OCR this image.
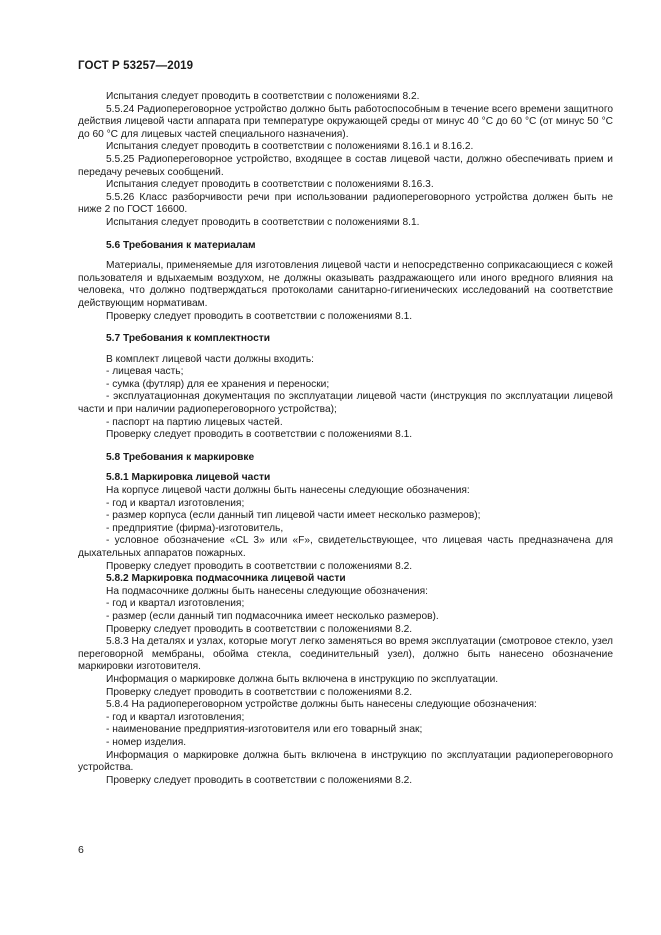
ГОСТ Р 53257—2019

Испытания следует проводить в соответствии с положениями 8.2.

5.5.24 Радиопереговорное устройство должно быть работоспособным в течение всего времени защитного действия лицевой части аппарата при температуре окружающей среды от минус 40 °С до 60 °С (от минус 50 °С до 60 °С для лицевых частей специального назначения).

Испытания следует проводить в соответствии с положениями 8.16.1 и 8.16.2.

5.5.25 Радиопереговорное устройство, входящее в состав лицевой части, должно обеспечивать прием и передачу речевых сообщений.

Испытания следует проводить в соответствии с положениями 8.16.3.

5.5.26 Класс разборчивости речи при использовании радиопереговорного устройства должен быть не ниже 2 по ГОСТ 16600.

Испытания следует проводить в соответствии с положениями 8.1.

5.6 Требования к материалам

Материалы, применяемые для изготовления лицевой части и непосредственно соприкасающиеся с кожей пользователя и вдыхаемым воздухом, не должны оказывать раздражающего или иного вредного влияния на человека, что должно подтверждаться протоколами санитарно-гигиенических исследований на соответствие действующим нормативам.

Проверку следует проводить в соответствии с положениями 8.1.

5.7 Требования к комплектности

В комплект лицевой части должны входить:

- лицевая часть;

- сумка (футляр) для ее хранения и переноски;

- эксплуатационная документация по эксплуатации лицевой части (инструкция по эксплуатации лицевой части и при наличии радиопереговорного устройства);

- паспорт на партию лицевых частей.

Проверку следует проводить в соответствии с положениями 8.1.

5.8 Требования к маркировке

5.8.1 Маркировка лицевой части

На корпусе лицевой части должны быть нанесены следующие обозначения:

- год и квартал изготовления;

- размер корпуса (если данный тип лицевой части имеет несколько размеров);

- предприятие (фирма)-изготовитель,

- условное обозначение «CL 3» или «F», свидетельствующее, что лицевая часть предназначена для дыхательных аппаратов пожарных.

Проверку следует проводить в соответствии с положениями 8.2.

5.8.2 Маркировка подмасочника лицевой части

На подмасочнике должны быть нанесены следующие обозначения:

- год и квартал изготовления;

- размер (если данный тип подмасочника имеет несколько размеров).

Проверку следует проводить в соответствии с положениями 8.2.

5.8.3 На деталях и узлах, которые могут легко заменяться во время эксплуатации (смотровое стекло, узел переговорной мембраны, обойма стекла, соединительный узел), должно быть нанесено обозначение маркировки изготовителя.

Информация о маркировке должна быть включена в инструкцию по эксплуатации.

Проверку следует проводить в соответствии с положениями 8.2.

5.8.4 На радиопереговорном устройстве должны быть нанесены следующие обозначения:

- год и квартал изготовления;

- наименование предприятия-изготовителя или его товарный знак;

- номер изделия.

Информация о маркировке должна быть включена в инструкцию по эксплуатации радиопереговорного устройства.

Проверку следует проводить в соответствии с положениями 8.2.

6
